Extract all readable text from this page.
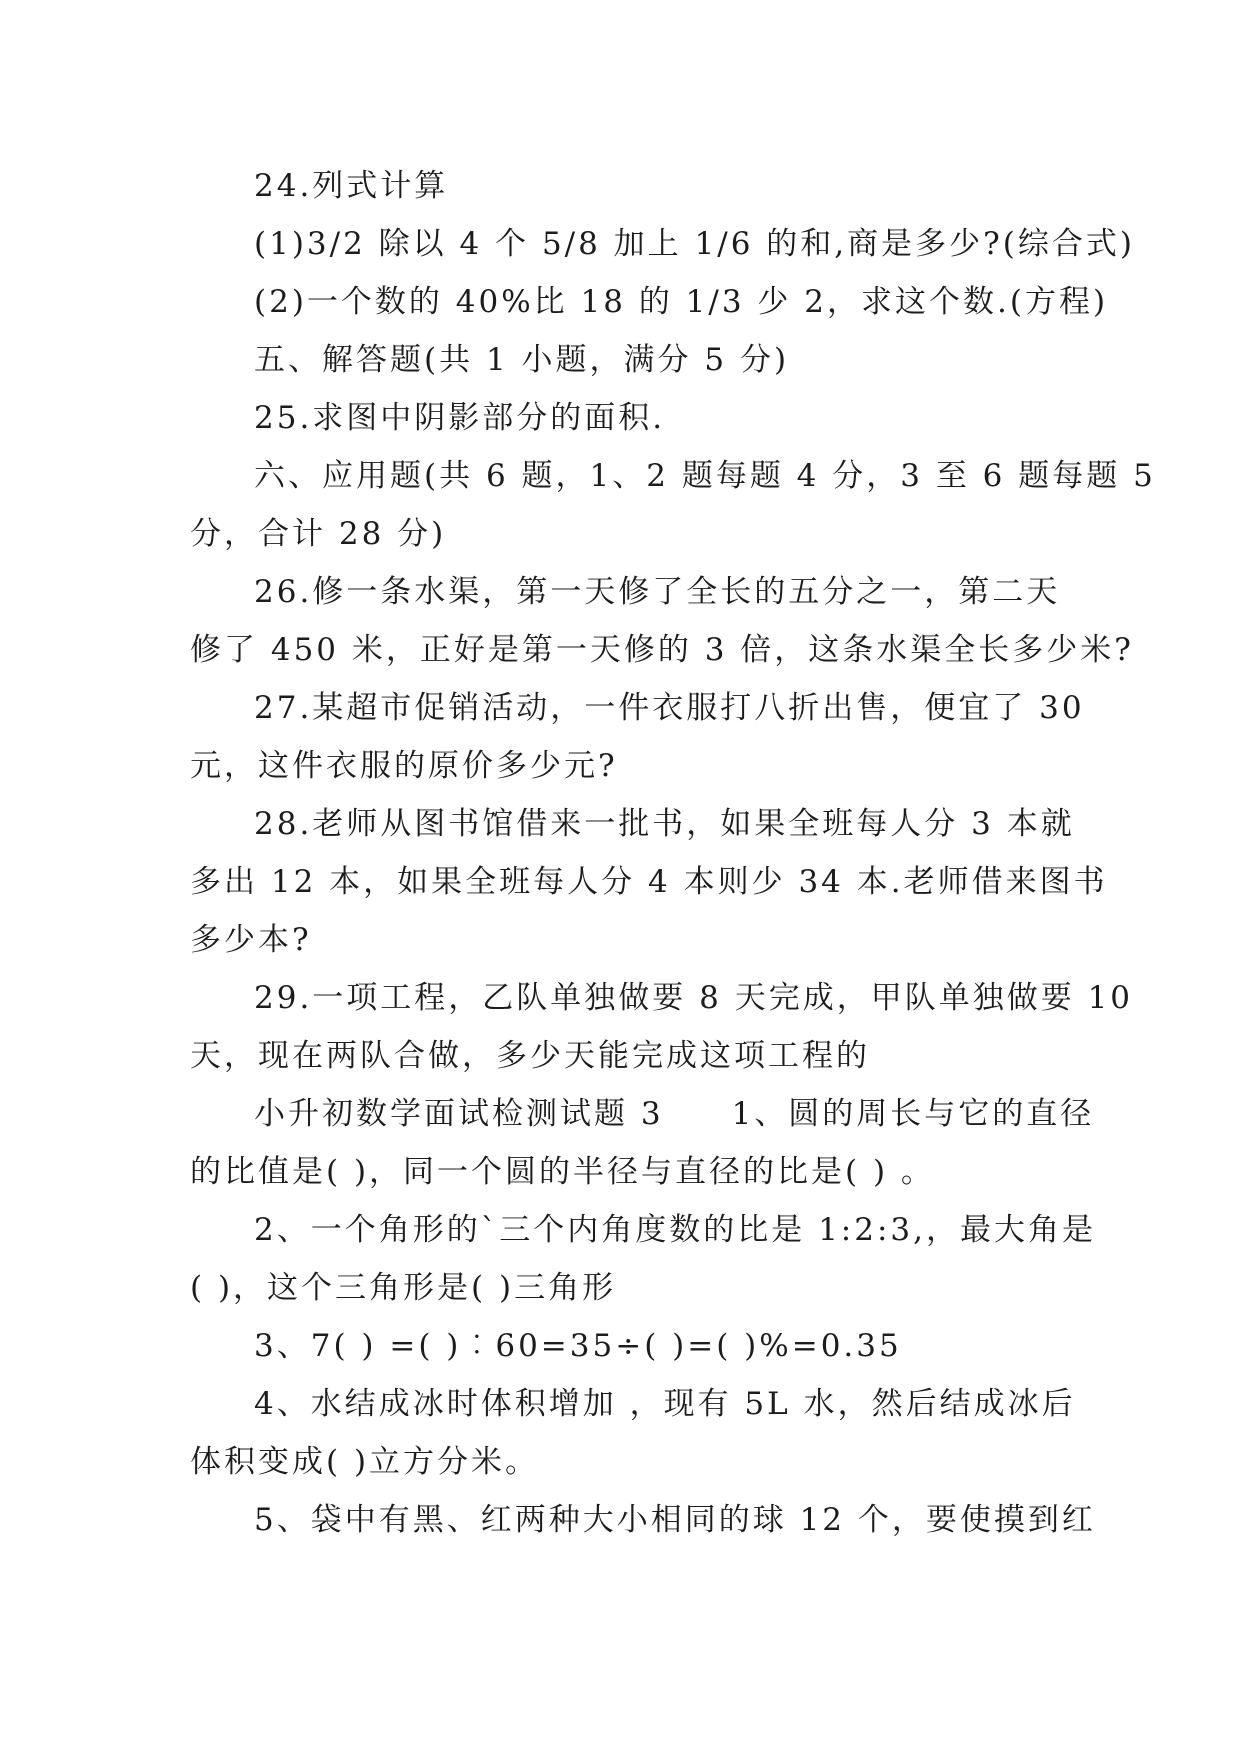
24.列式计算
(1)3/2 除以 4 个 5/8 加上 1/6 的和,商是多少?(综合式)
(2)一个数的 40%比 18 的 1/3 少 2，求这个数.(方程)
五、解答题(共 1 小题，满分 5 分)
25.求图中阴影部分的面积.
六、应用题(共 6 题，1、2 题每题 4 分，3 至 6 题每题 5
分，合计 28 分)
26.修一条水渠，第一天修了全长的五分之一，第二天
修了 450 米，正好是第一天修的 3 倍，这条水渠全长多少米?
27.某超市促销活动，一件衣服打八折出售，便宜了 30
元，这件衣服的原价多少元?
28.老师从图书馆借来一批书，如果全班每人分 3 本就
多出 12 本，如果全班每人分 4 本则少 34 本.老师借来图书
多少本?
29.一项工程，乙队单独做要 8 天完成，甲队单独做要 10
天，现在两队合做，多少天能完成这项工程的
小升初数学面试检测试题 3　　1、圆的周长与它的直径
的比值是( )，同一个圆的半径与直径的比是( ) 。
2、一个角形的`三个内角度数的比是 1:2:3,，最大角是
( )，这个三角形是( )三角形
3、7( ) =( )︰60=35÷( )=( )%=0.35
4、水结成冰时体积增加 ，现有 5L 水，然后结成冰后
体积变成( )立方分米。
5、袋中有黑、红两种大小相同的球 12 个，要使摸到红
